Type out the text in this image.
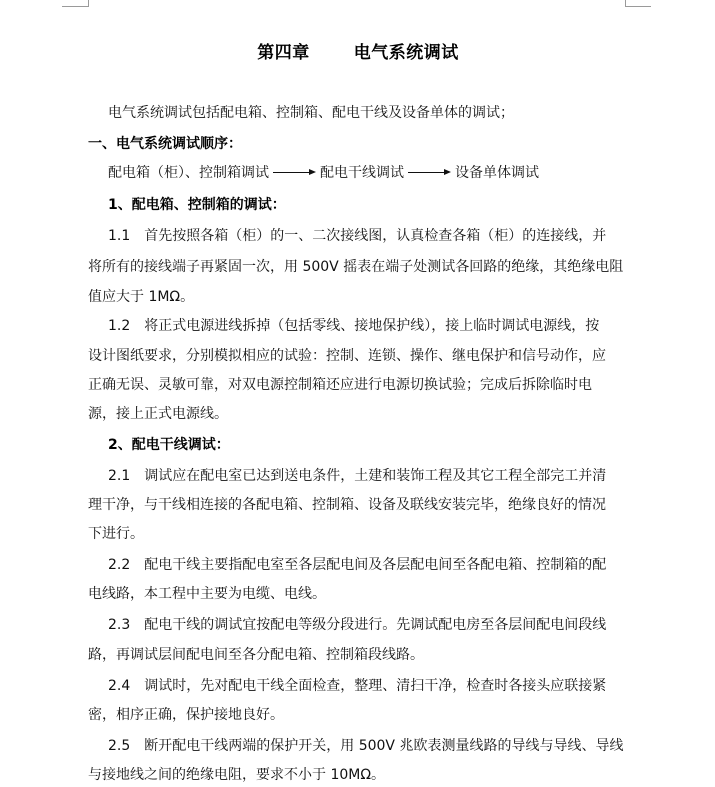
第四章	电气系统调试
电气系统调试包括配电箱、控制箱、配电干线及设备单体的调试；
一、电气系统调试顺序：
配电箱（柜）、控制箱调试	配电干线调试	设备单体调试
1、配电箱、控制箱的调试：
1.1　首先按照各箱（柜）的一、二次接线图，认真检查各箱（柜）的连接线，并
将所有的接线端子再紧固一次，用 500V 摇表在端子处测试各回路的绝缘，其绝缘电阻
值应大于 1MΩ。
1.2　将正式电源进线拆掉（包括零线、接地保护线），接上临时调试电源线，按
设计图纸要求，分别模拟相应的试验：控制、连锁、操作、继电保护和信号动作，应
正确无误、灵敏可靠，对双电源控制箱还应进行电源切换试验；完成后拆除临时电
源，接上正式电源线。
2、配电干线调试：
2.1　调试应在配电室已达到送电条件，土建和装饰工程及其它工程全部完工并清
理干净，与干线相连接的各配电箱、控制箱、设备及联线安装完毕，绝缘良好的情况
下进行。
2.2　配电干线主要指配电室至各层配电间及各层配电间至各配电箱、控制箱的配
电线路，本工程中主要为电缆、电线。
2.3　配电干线的调试宜按配电等级分段进行。先调试配电房至各层间配电间段线
路，再调试层间配电间至各分配电箱、控制箱段线路。
2.4　调试时，先对配电干线全面检查，整理、清扫干净，检查时各接头应联接紧
密，相序正确，保护接地良好。
2.5　断开配电干线两端的保护开关，用 500V 兆欧表测量线路的导线与导线、导线
与接地线之间的绝缘电阻，要求不小于 10MΩ。
